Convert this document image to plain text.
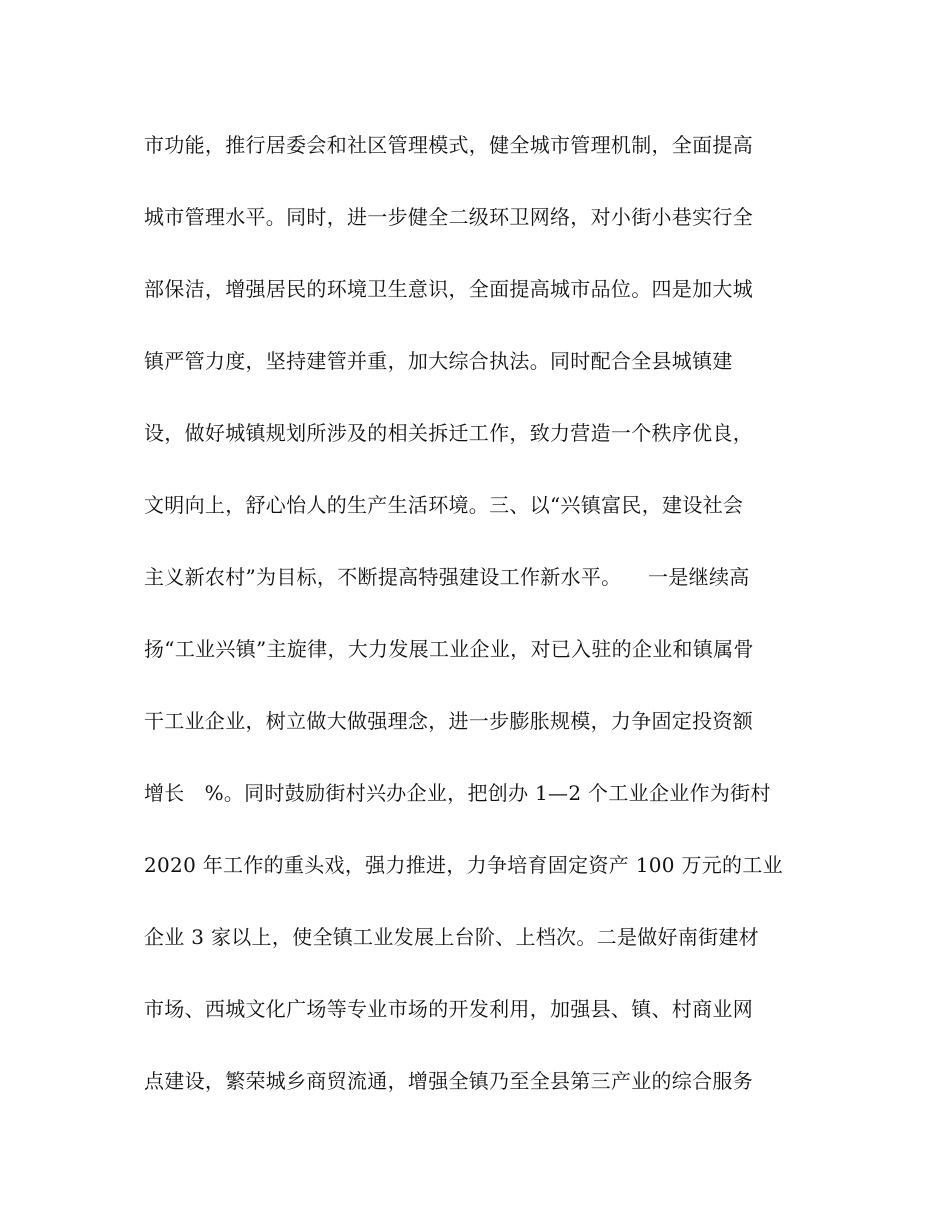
市功能，推行居委会和社区管理模式，健全城市管理机制，全面提高
城市管理水平。同时，进一步健全二级环卫网络，对小街小巷实行全
部保洁，增强居民的环境卫生意识，全面提高城市品位。四是加大城
镇严管力度，坚持建管并重，加大综合执法。同时配合全县城镇建
设，做好城镇规划所涉及的相关拆迁工作，致力营造一个秩序优良，
文明向上，舒心怡人的生产生活环境。三、以“兴镇富民，建设社会
主义新农村”为目标，不断提高特强建设工作新水平。    一是继续高
扬“工业兴镇”主旋律，大力发展工业企业，对已入驻的企业和镇属骨
干工业企业，树立做大做强理念，进一步膨胀规模，力争固定投资额
增长   %。同时鼓励街村兴办企业，把创办 1—2 个工业企业作为街村
2020 年工作的重头戏，强力推进，力争培育固定资产 100 万元的工业
企业 3 家以上，使全镇工业发展上台阶、上档次。二是做好南街建材
市场、西城文化广场等专业市场的开发利用，加强县、镇、村商业网
点建设，繁荣城乡商贸流通，增强全镇乃至全县第三产业的综合服务
